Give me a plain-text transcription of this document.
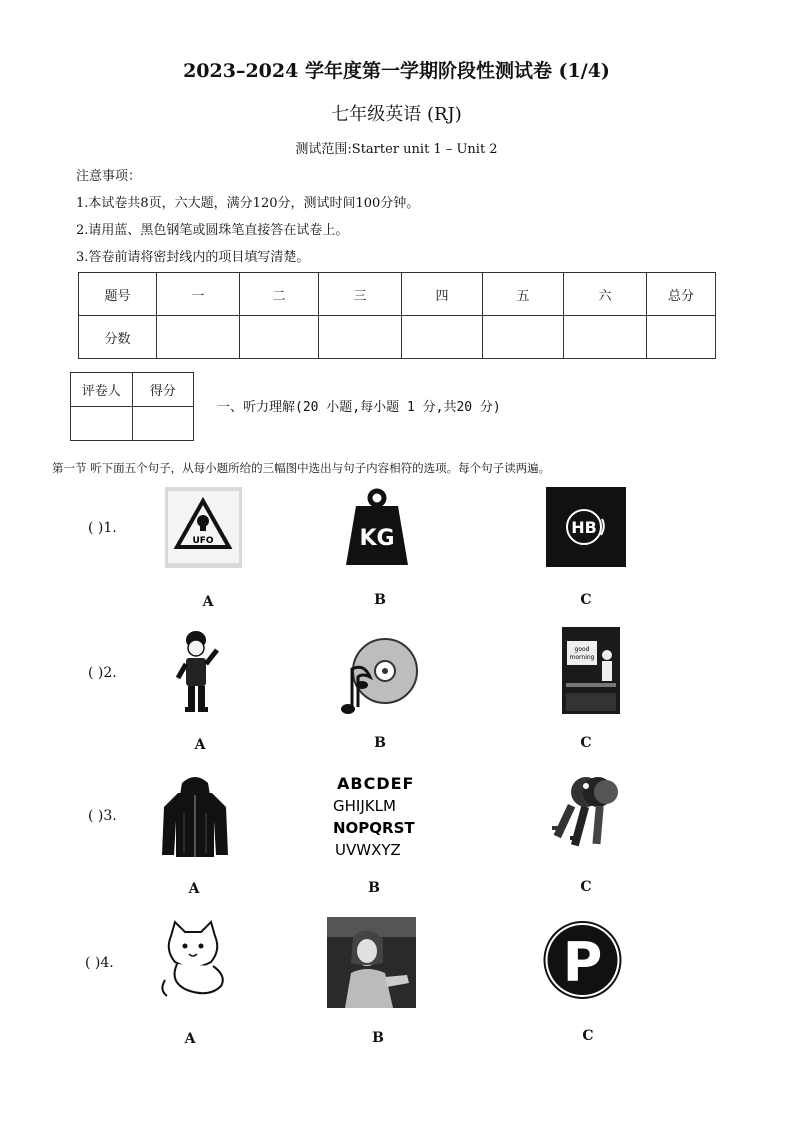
2023–2024 学年度第一学期阶段性测试卷 (1/4)
七年级英语 (RJ)
测试范围:Starter unit 1 – Unit 2
注意事项：
1.本试卷共8页，六大题，满分120分，测试时间100分钟。
2.请用蓝、黑色钢笔或圆珠笔直接答在试卷上。
3.答卷前请将密封线内的项目填写清楚。
题号	一	二	三	四	五	六	总分
分数							
评卷人	得分

一、听力理解(20 小题,每小题 1 分,共20 分)
第一节 听下面五个句子，从每小题所给的三幅图中选出与句子内容相符的选项。每个句子读两遍。
( )1.
UFO	KG	HB
A	B	C
( )2.
good
morning
A	B	C
( )3.
ABCDEF
GHIJKLM
NOPQRST
UVWXYZ
A	B	C
( )4.	P
A	B	C
